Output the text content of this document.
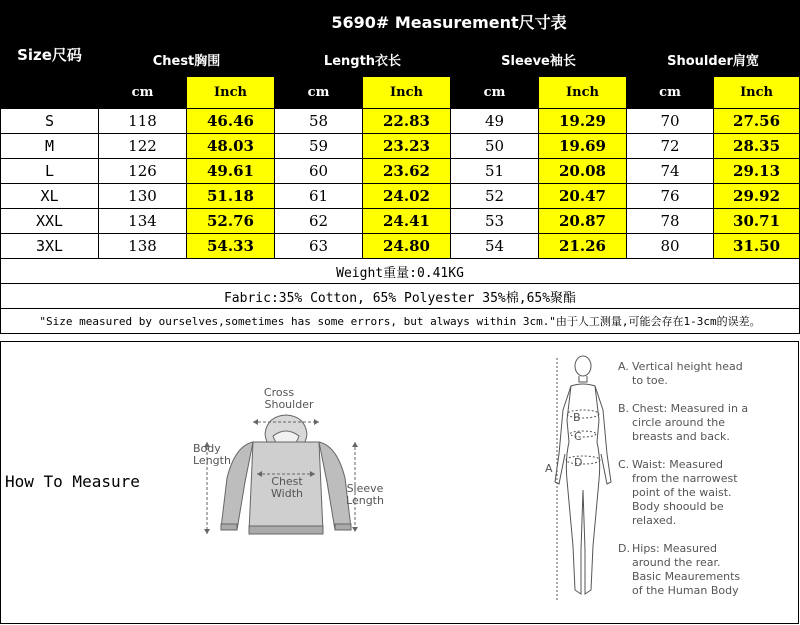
Size尺码	5690# Measurement尺寸表							
	Chest胸围		Length衣长		Sleeve袖长		Shoulder肩宽	
	cm	Inch	cm	Inch	cm	Inch	cm	Inch
S	118	46.46	58	22.83	49	19.29	70	27.56
M	122	48.03	59	23.23	50	19.69	72	28.35
L	126	49.61	60	23.62	51	20.08	74	29.13
XL	130	51.18	61	24.02	52	20.47	76	29.92
XXL	134	52.76	62	24.41	53	20.87	78	30.71
3XL	138	54.33	63	24.80	54	21.26	80	31.50
Weight重量:0.41KG								
Fabric:35% Cotton, 65% Polyester 35%棉,65%聚酯								
"Size measured by ourselves,sometimes has some errors, but always within 3cm."由于人工测量,可能会存在1-3cm的误差。								
How To Measure
Cross
Shoulder
Body
Length
Chest
Width	Sleeve
Length
B
C
D
A
A. Vertical height head
to toe.
B. Chest: Measured in a
circle around the
breasts and back.
C. Waist: Measured
from the narrowest
point of the waist.
Body shoould be
relaxed.
D. Hips: Measured
around the rear.
Basic Meaurements
of the Human Body
